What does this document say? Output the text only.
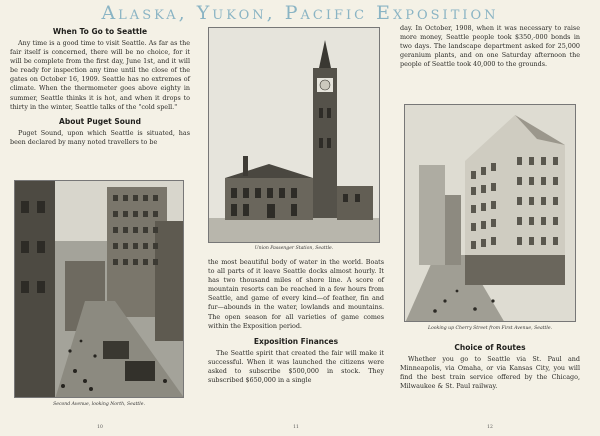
Alaska, Yukon, Pacific Exposition
When To Go to Seattle

Any time is a good time to visit Seattle. As far as the fair itself is concerned, there will be no choice, for it will be complete from the first day, June 1st, and it will be ready for inspection any time until the close of the gates on October 16, 1909. Seattle has no extremes of climate. When the thermometer goes above eighty in summer, Seattle thinks it is hot, and when it drops to thirty in the winter, Seattle talks of the "cold spell."

About Puget Sound

Puget Sound, upon which Seattle is situated, has been declared by many noted travellers to be

Second Avenue, looking North, Seattle.
10
Union Passenger Station, Seattle.

the most beautiful body of water in the world. Boats to all parts of it leave Seattle docks almost hourly. It has two thousand miles of shore line. A score of mountain resorts can be reached in a few hours from Seattle, and game of every kind—of feather, fin and fur—abounds in the water, lowlands and mountains. The open season for all varieties of game comes within the Exposition period.

Exposition Finances

The Seattle spirit that created the fair will make it successful. When it was launched the citizens were asked to subscribe $500,000 in stock. They subscribed $650,000 in a single

11

day. In October, 1908, when it was necessary to raise more money, Seattle people took $350,-000 bonds in two days. The landscape department asked for 25,000 geranium plants, and on one Saturday afternoon the people of Seattle took 40,000 to the grounds.

Looking up Cherry Street from First Avenue, Seattle.
Choice of Routes

Whether you go to Seattle via St. Paul and Minneapolis, via Omaha, or via Kansas City, you will find the best train service offered by the Chicago, Milwaukee & St. Paul railway.

12
